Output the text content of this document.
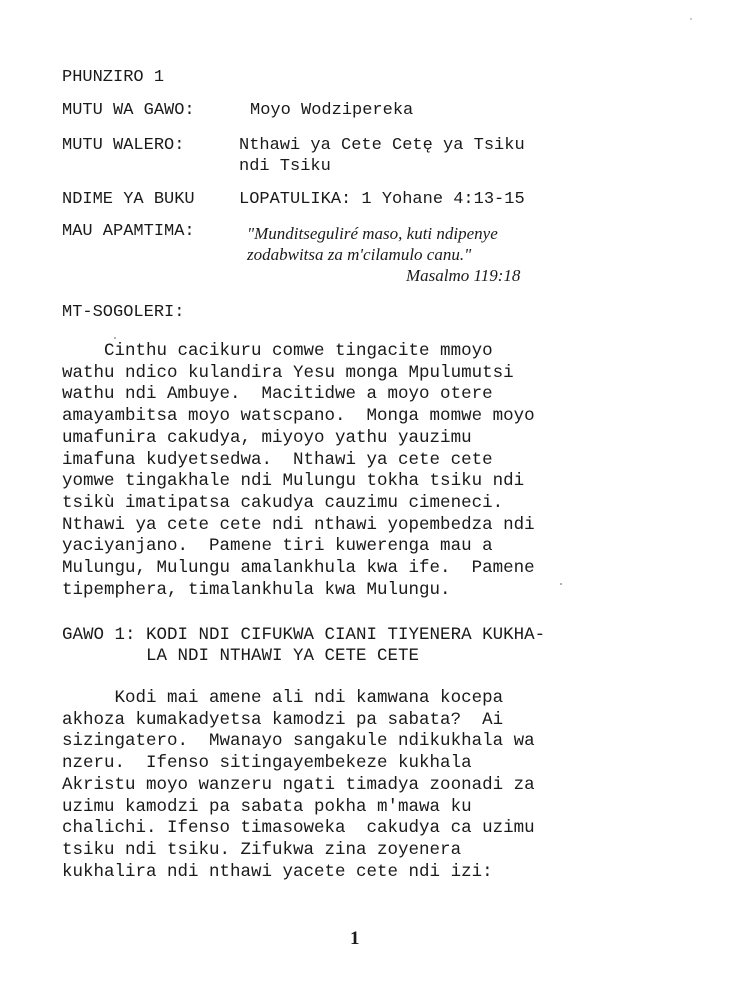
PHUNZIRO 1
MUTU WA GAWO:	Moyo Wodzipereka
MUTU WALERO:	Nthawi ya Cete Cetę ya Tsiku
ndi Tsiku
NDIME YA BUKU	LOPATULIKA: 1 Yohane 4:13-15
MAU APAMTIMA:	"Munditseguliré maso, kuti ndipenye
zodabwitsa za m'cilamulo canu."
Masalmo 119:18
MT-SOGOLERI:
Cinthu cacikuru comwe tingacite mmoyo
wathu ndico kulandira Yesu monga Mpulumutsi
wathu ndi Ambuye.  Macitidwe a moyo otere
amayambitsa moyo watscpano.  Monga momwe moyo
umafunira cakudya, miyoyo yathu yauzimu
imafuna kudyetsedwa.  Nthawi ya cete cete
yomwe tingakhale ndi Mulungu tokha tsiku ndi
tsikù imatipatsa cakudya cauzimu cimeneci.
Nthawi ya cete cete ndi nthawi yopembedza ndi
yaciyanjano.  Pamene tiri kuwerenga mau a
Mulungu, Mulungu amalankhula kwa ife.  Pamene
tipemphera, timalankhula kwa Mulungu.
GAWO 1: KODI NDI CIFUKWA CIANI TIYENERA KUKHA-
LA NDI NTHAWI YA CETE CETE
Kodi mai amene ali ndi kamwana kocepa
akhoza kumakadyetsa kamodzi pa sabata?  Ai
sizingatero.  Mwanayo sangakule ndikukhala wa
nzeru.  Ifenso sitingayembekeze kukhala
Akristu moyo wanzeru ngati timadya zoonadi za
uzimu kamodzi pa sabata pokha m'mawa ku
chalichi. Ifenso timasoweka  cakudya ca uzimu
tsiku ndi tsiku. Zifukwa zina zoyenera
kukhalira ndi nthawi yacete cete ndi izi:
1
